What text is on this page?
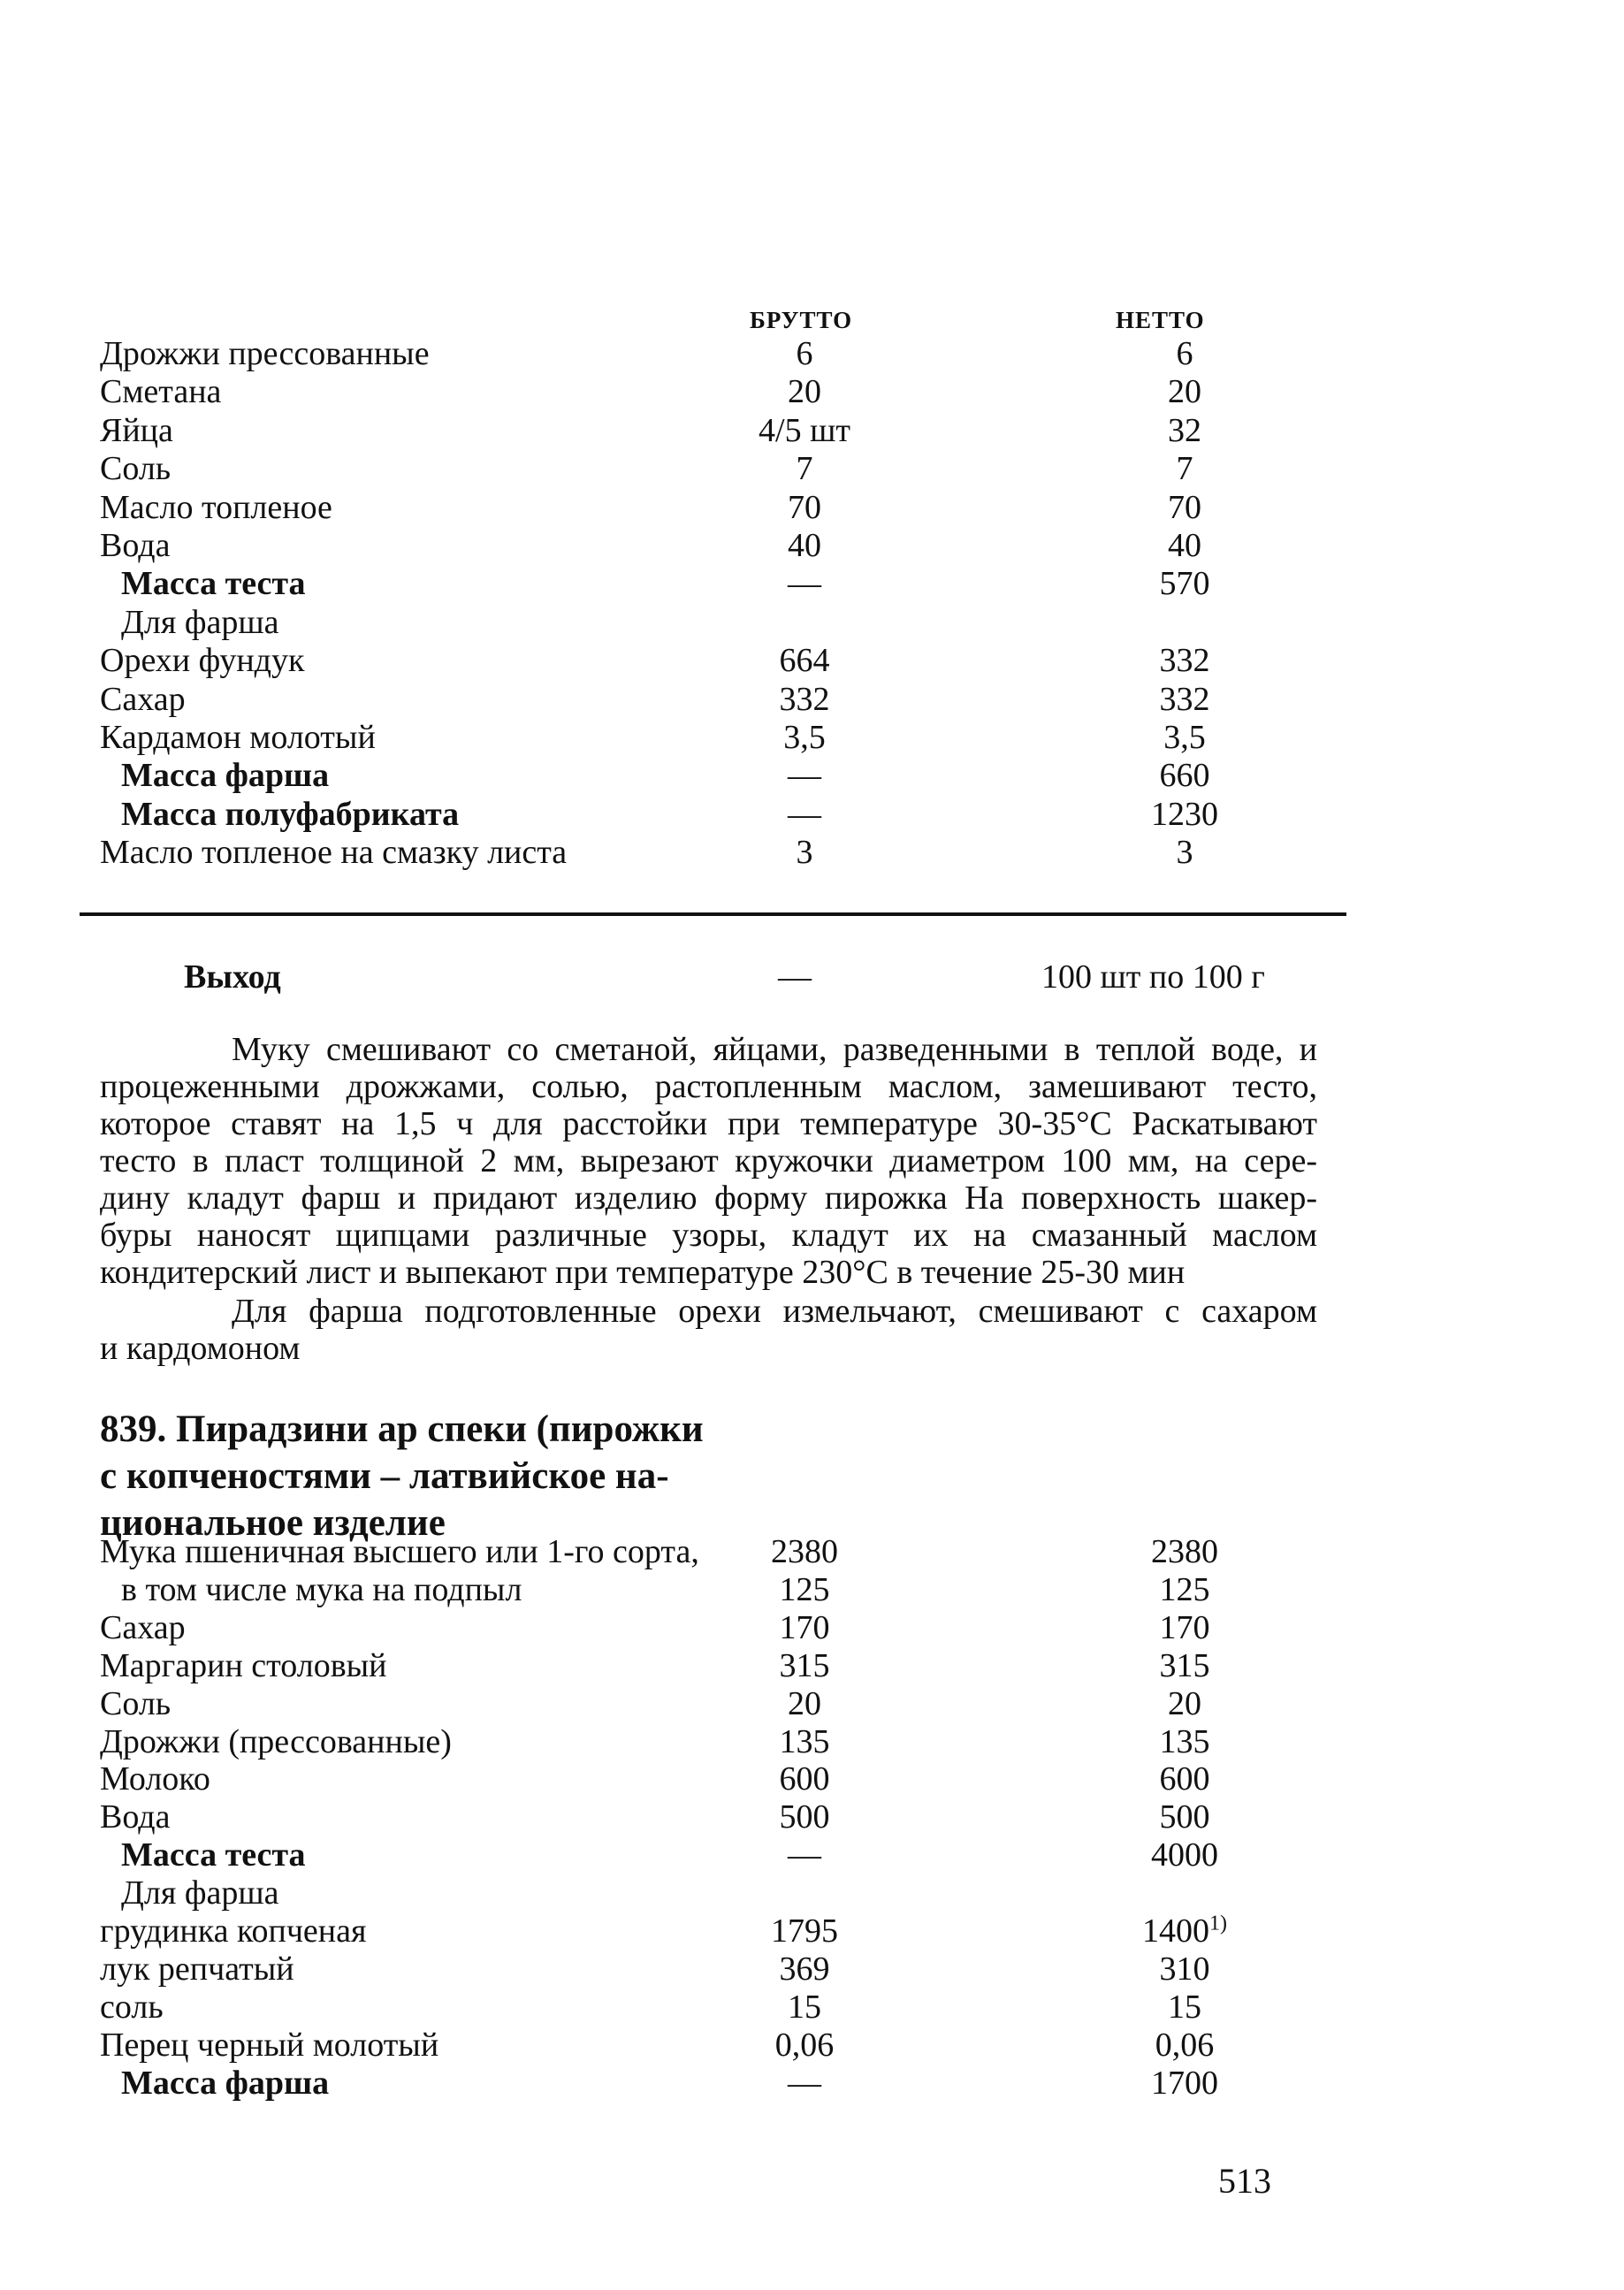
БРУТТО	НЕТТО
Дрожжи прессованные	6	6
Сметана	20	20
Яйца	4/5 шт	32
Соль	7	7
Масло топленое	70	70
Вода	40	40
Масса теста	—	570
Для фарша
Орехи фундук	664	332
Сахар	332	332
Кардамон молотый	3,5	3,5
Масса фарша	—	660
Масса полуфабриката	—	1230
Масло топленое на смазку листа	3	3
Выход	—	100 шт по 100 г
Муку смешивают со сметаной, яйцами, разведенными в теплой воде, и
процеженными дрожжами, солью, растопленным маслом, замешивают тесто,
которое ставят на 1,5 ч для расстойки при температуре 30-35°С Раскатывают
тесто в пласт толщиной 2 мм, вырезают кружочки диаметром 100 мм, на сере-
дину кладут фарш и придают изделию форму пирожка На поверхность шакер-
буры наносят щипцами различные узоры, кладут их на смазанный маслом
кондитерский лист и выпекают при температуре 230°С в течение 25-30 мин
Для фарша подготовленные орехи измельчают, смешивают с сахаром
и кардомоном
839. Пирадзини ар спеки (пирожки
с копченостями – латвийское на-
циональное изделие
Мука пшеничная высшего или 1-го сорта,	2380	2380
в том числе мука на подпыл	125	125
Сахар	170	170
Маргарин столовый	315	315
Соль	20	20
Дрожжи (прессованные)	135	135
Молоко	600	600
Вода	500	500
Масса теста	—	4000
Для фарша
грудинка копченая	1795	1400$^{1)}$
лук репчатый	369	310
соль	15	15
Перец черный молотый	0,06	0,06
Масса фарша	—	1700
513
